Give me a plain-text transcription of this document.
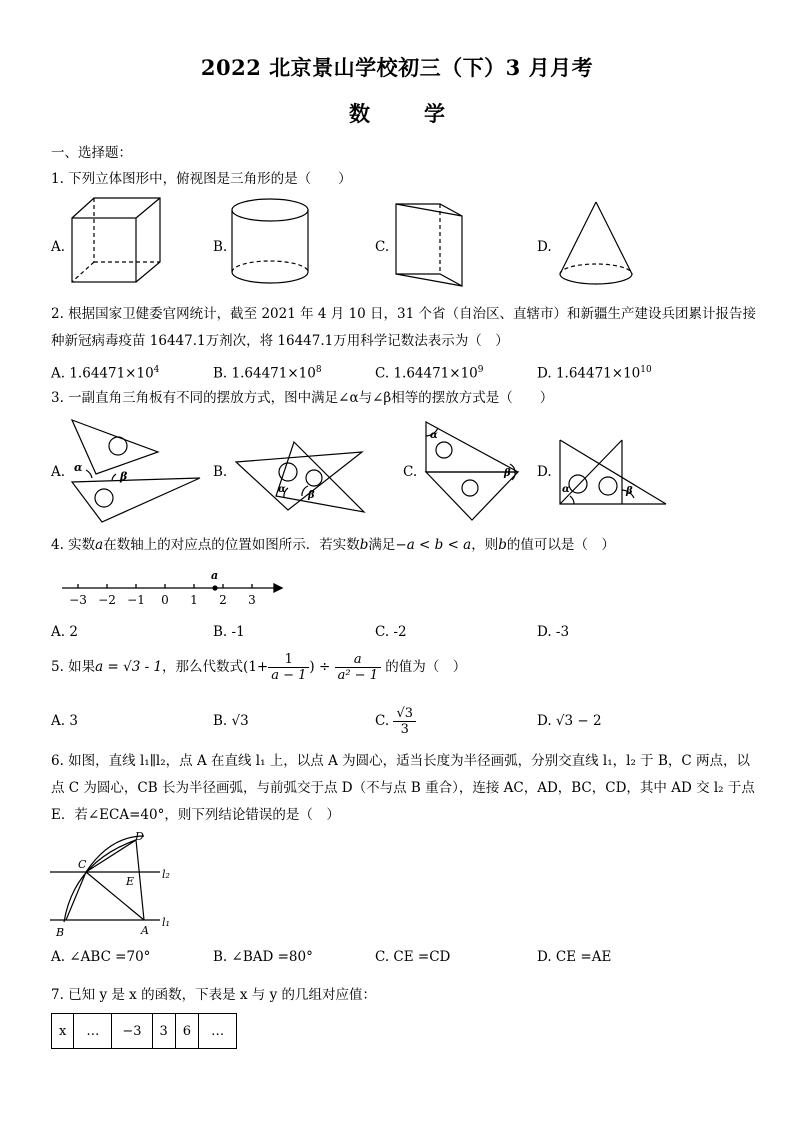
2022 北京景山学校初三（下）3 月月考
数	学
一、选择题：
1. 下列立体图形中，俯视图是三角形的是（　　）
A.	B.	C.	D.
2. 根据国家卫健委官网统计，截至 2021 年 4 月 10 日，31 个省（自治区、直辖市）和新疆生产建设兵团累计报告接
种新冠病毒疫苗 16447.1万剂次，将 16447.1万用科学记数法表示为（　）
A. $1.64471\times 10^4$	B. $1.64471\times 10^8$	C. $1.64471\times 10^9$	D. $1.64471\times 10^{10}$
3. 一副直角三角板有不同的摆放方式，图中满足∠α与∠β相等的摆放方式是（　　）
A.	B.	C.	D.
α
β
α
β
α
β
α	β
4. 实数a在数轴上的对应点的位置如图所示．若实数b满足−a < b < a，则b的值可以是（　）
a
−3 −2 −1 0 1 2 3
A. 2	B. -1	C. -2	D. -3
5. 如果a = √3 - 1，那么代数式($1+ \frac{1}{a - 1}$ ) ÷ $\frac{a}{\text{a² − 1}}$ 的值为（　）
A. 3	B. √3	C. $\frac{√3}{3}$	D. √3 − 2
6. 如图，直线 l₁∥l₂，点 A 在直线 l₁ 上，以点 A 为圆心，适当长度为半径画弧，分别交直线 l₁，l₂ 于 B，C 两点，以
点 C 为圆心，CB 长为半径画弧，与前弧交于点 D（不与点 B 重合），连接 AC，AD，BC，CD，其中 AD 交 l₂ 于点
E．若∠ECA=40°，则下列结论错误的是（　）
D
C
E
B	A
l₂
l₁
A. ∠ABC =70°	B. ∠BAD =80°	C. CE =CD	D. CE =AE
7. 已知 y 是 x 的函数，下表是 x 与 y 的几组对应值：
x	…	−3	3	6	…
